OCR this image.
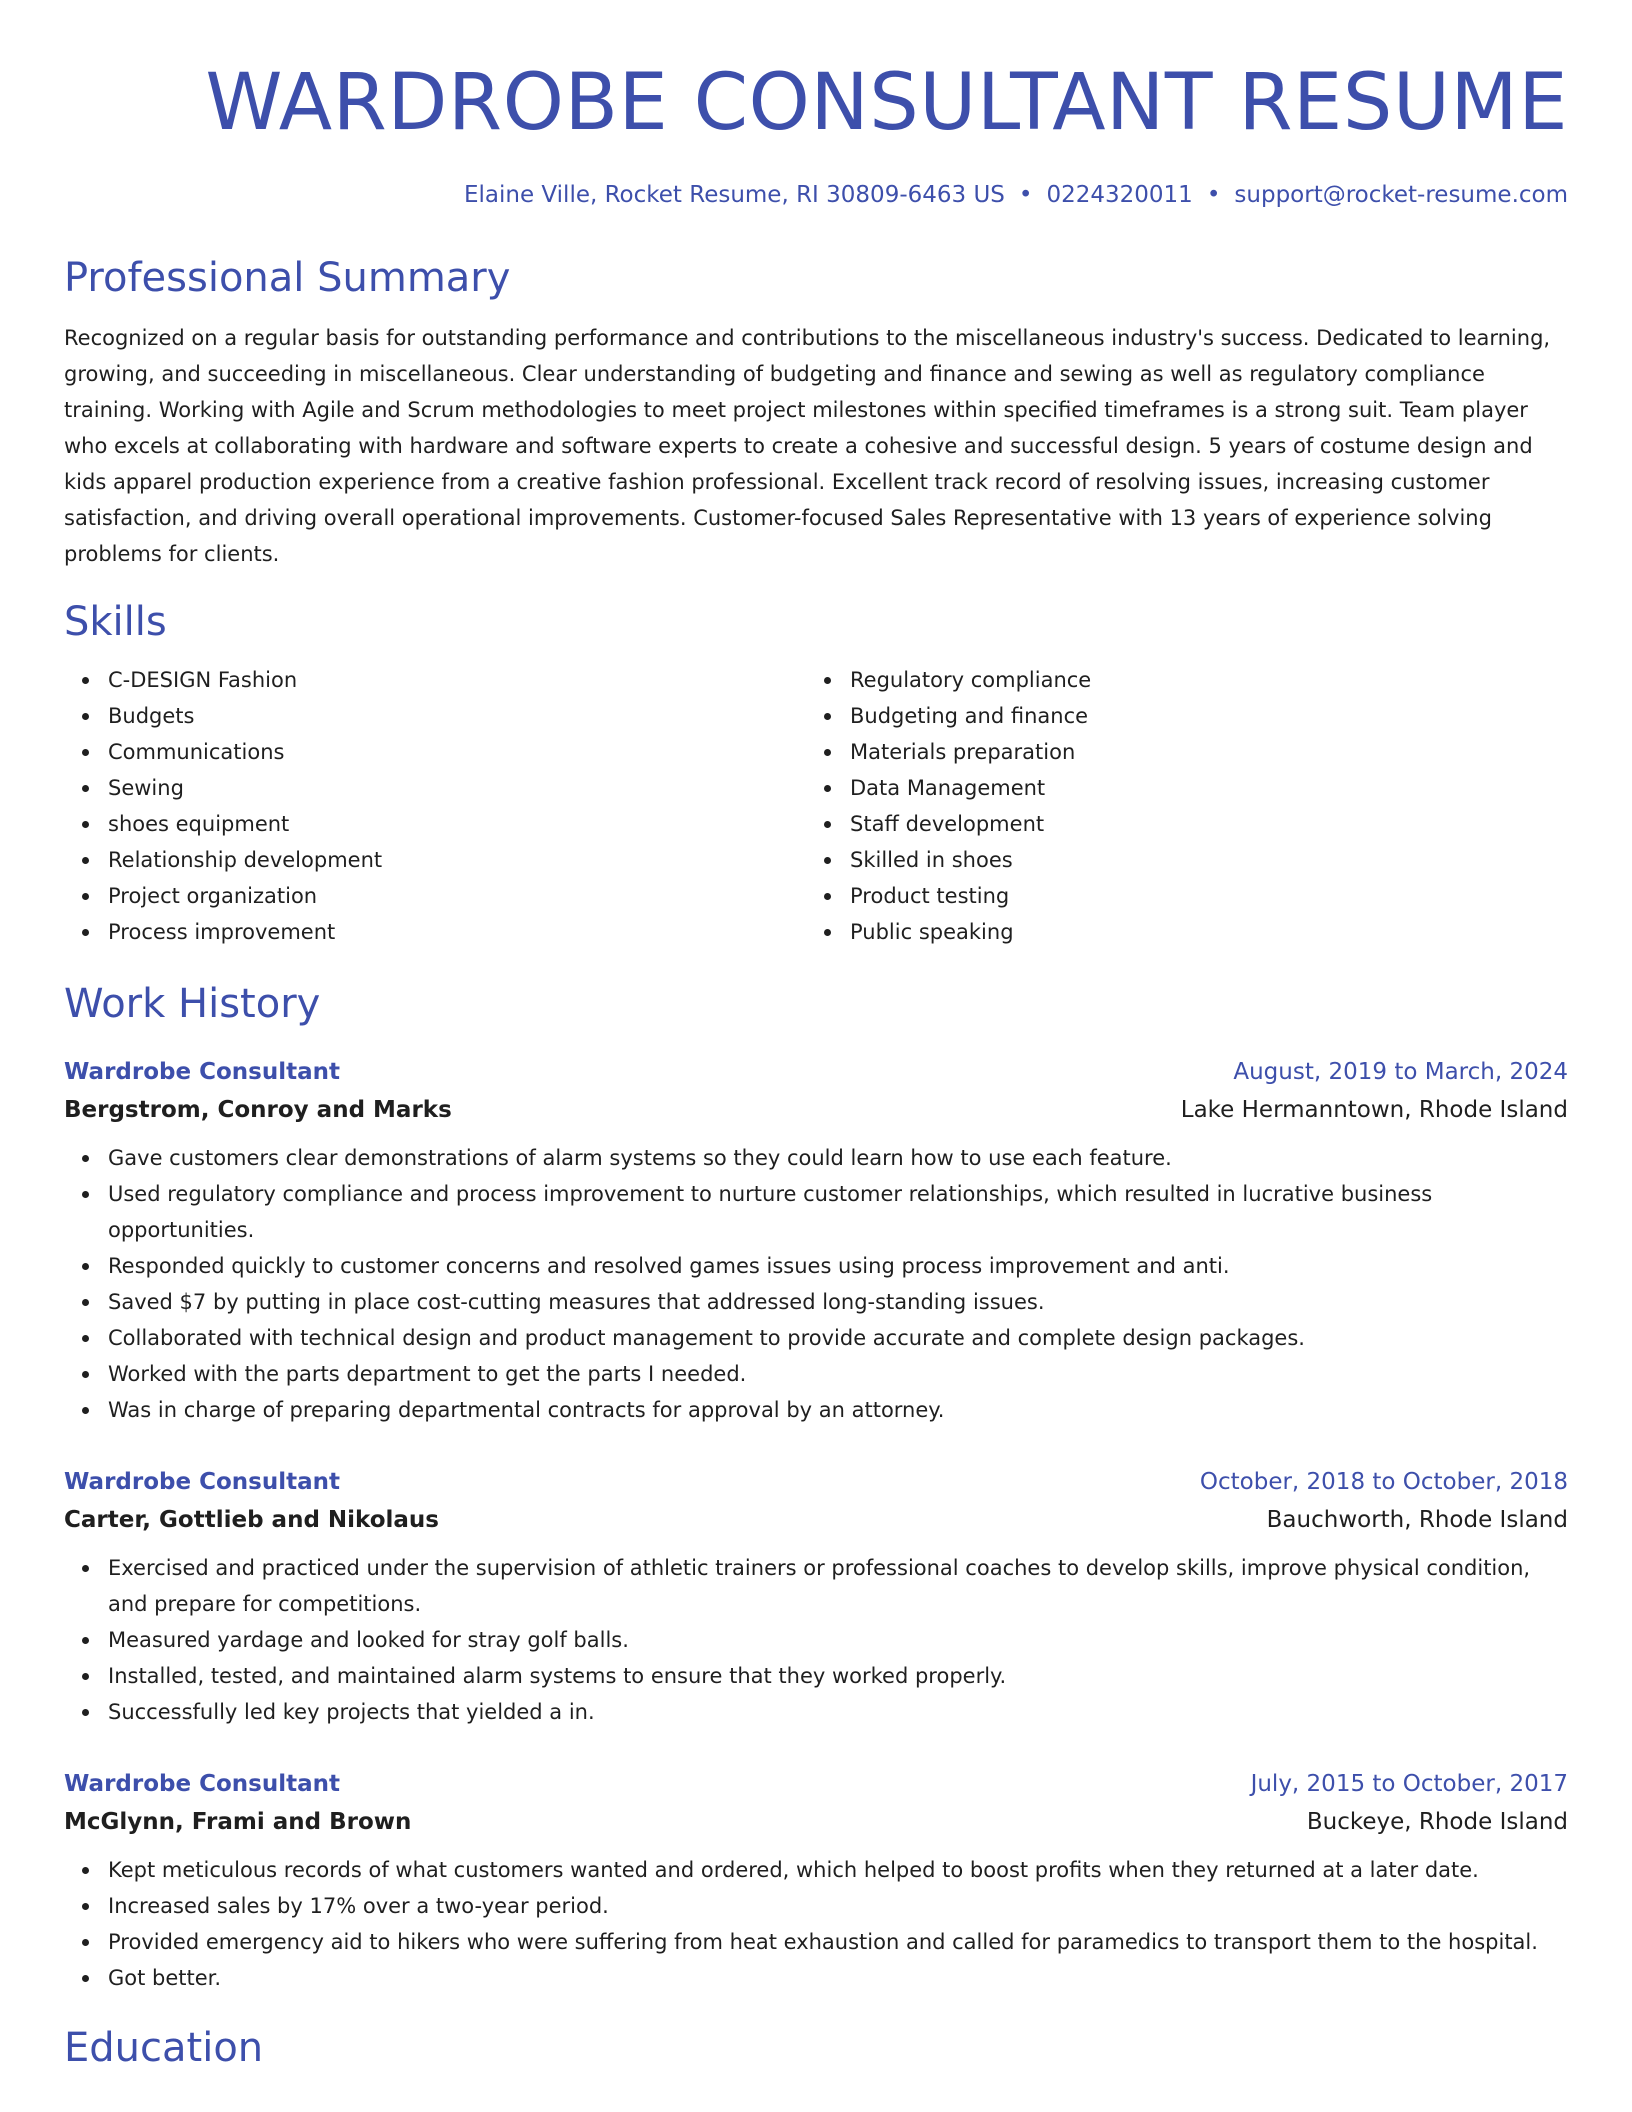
WARDROBE CONSULTANT RESUME
Elaine Ville, Rocket Resume, RI 30809-6463 US • 0224320011 • support@rocket-resume.com
Professional Summary
Recognized on a regular basis for outstanding performance and contributions to the miscellaneous industry's success. Dedicated to learning, growing, and succeeding in miscellaneous. Clear understanding of budgeting and finance and sewing as well as regulatory compliance training. Working with Agile and Scrum methodologies to meet project milestones within specified timeframes is a strong suit. Team player who excels at collaborating with hardware and software experts to create a cohesive and successful design. 5 years of costume design and kids apparel production experience from a creative fashion professional. Excellent track record of resolving issues, increasing customer satisfaction, and driving overall operational improvements. Customer-focused Sales Representative with 13 years of experience solving problems for clients.
Skills
C-DESIGN Fashion
Budgets
Communications
Sewing
shoes equipment
Relationship development
Project organization
Process improvement
Regulatory compliance
Budgeting and finance
Materials preparation
Data Management
Staff development
Skilled in shoes
Product testing
Public speaking
Work History
Wardrobe Consultant	August, 2019 to March, 2024
Bergstrom, Conroy and Marks	Lake Hermanntown, Rhode Island
Gave customers clear demonstrations of alarm systems so they could learn how to use each feature.
Used regulatory compliance and process improvement to nurture customer relationships, which resulted in lucrative business opportunities.
Responded quickly to customer concerns and resolved games issues using process improvement and anti.
Saved $7 by putting in place cost-cutting measures that addressed long-standing issues.
Collaborated with technical design and product management to provide accurate and complete design packages.
Worked with the parts department to get the parts I needed.
Was in charge of preparing departmental contracts for approval by an attorney.
Wardrobe Consultant	October, 2018 to October, 2018
Carter, Gottlieb and Nikolaus	Bauchworth, Rhode Island
Exercised and practiced under the supervision of athletic trainers or professional coaches to develop skills, improve physical condition, and prepare for competitions.
Measured yardage and looked for stray golf balls.
Installed, tested, and maintained alarm systems to ensure that they worked properly.
Successfully led key projects that yielded a in.
Wardrobe Consultant	July, 2015 to October, 2017
McGlynn, Frami and Brown	Buckeye, Rhode Island
Kept meticulous records of what customers wanted and ordered, which helped to boost profits when they returned at a later date.
Increased sales by 17% over a two-year period.
Provided emergency aid to hikers who were suffering from heat exhaustion and called for paramedics to transport them to the hospital.
Got better.
Education
